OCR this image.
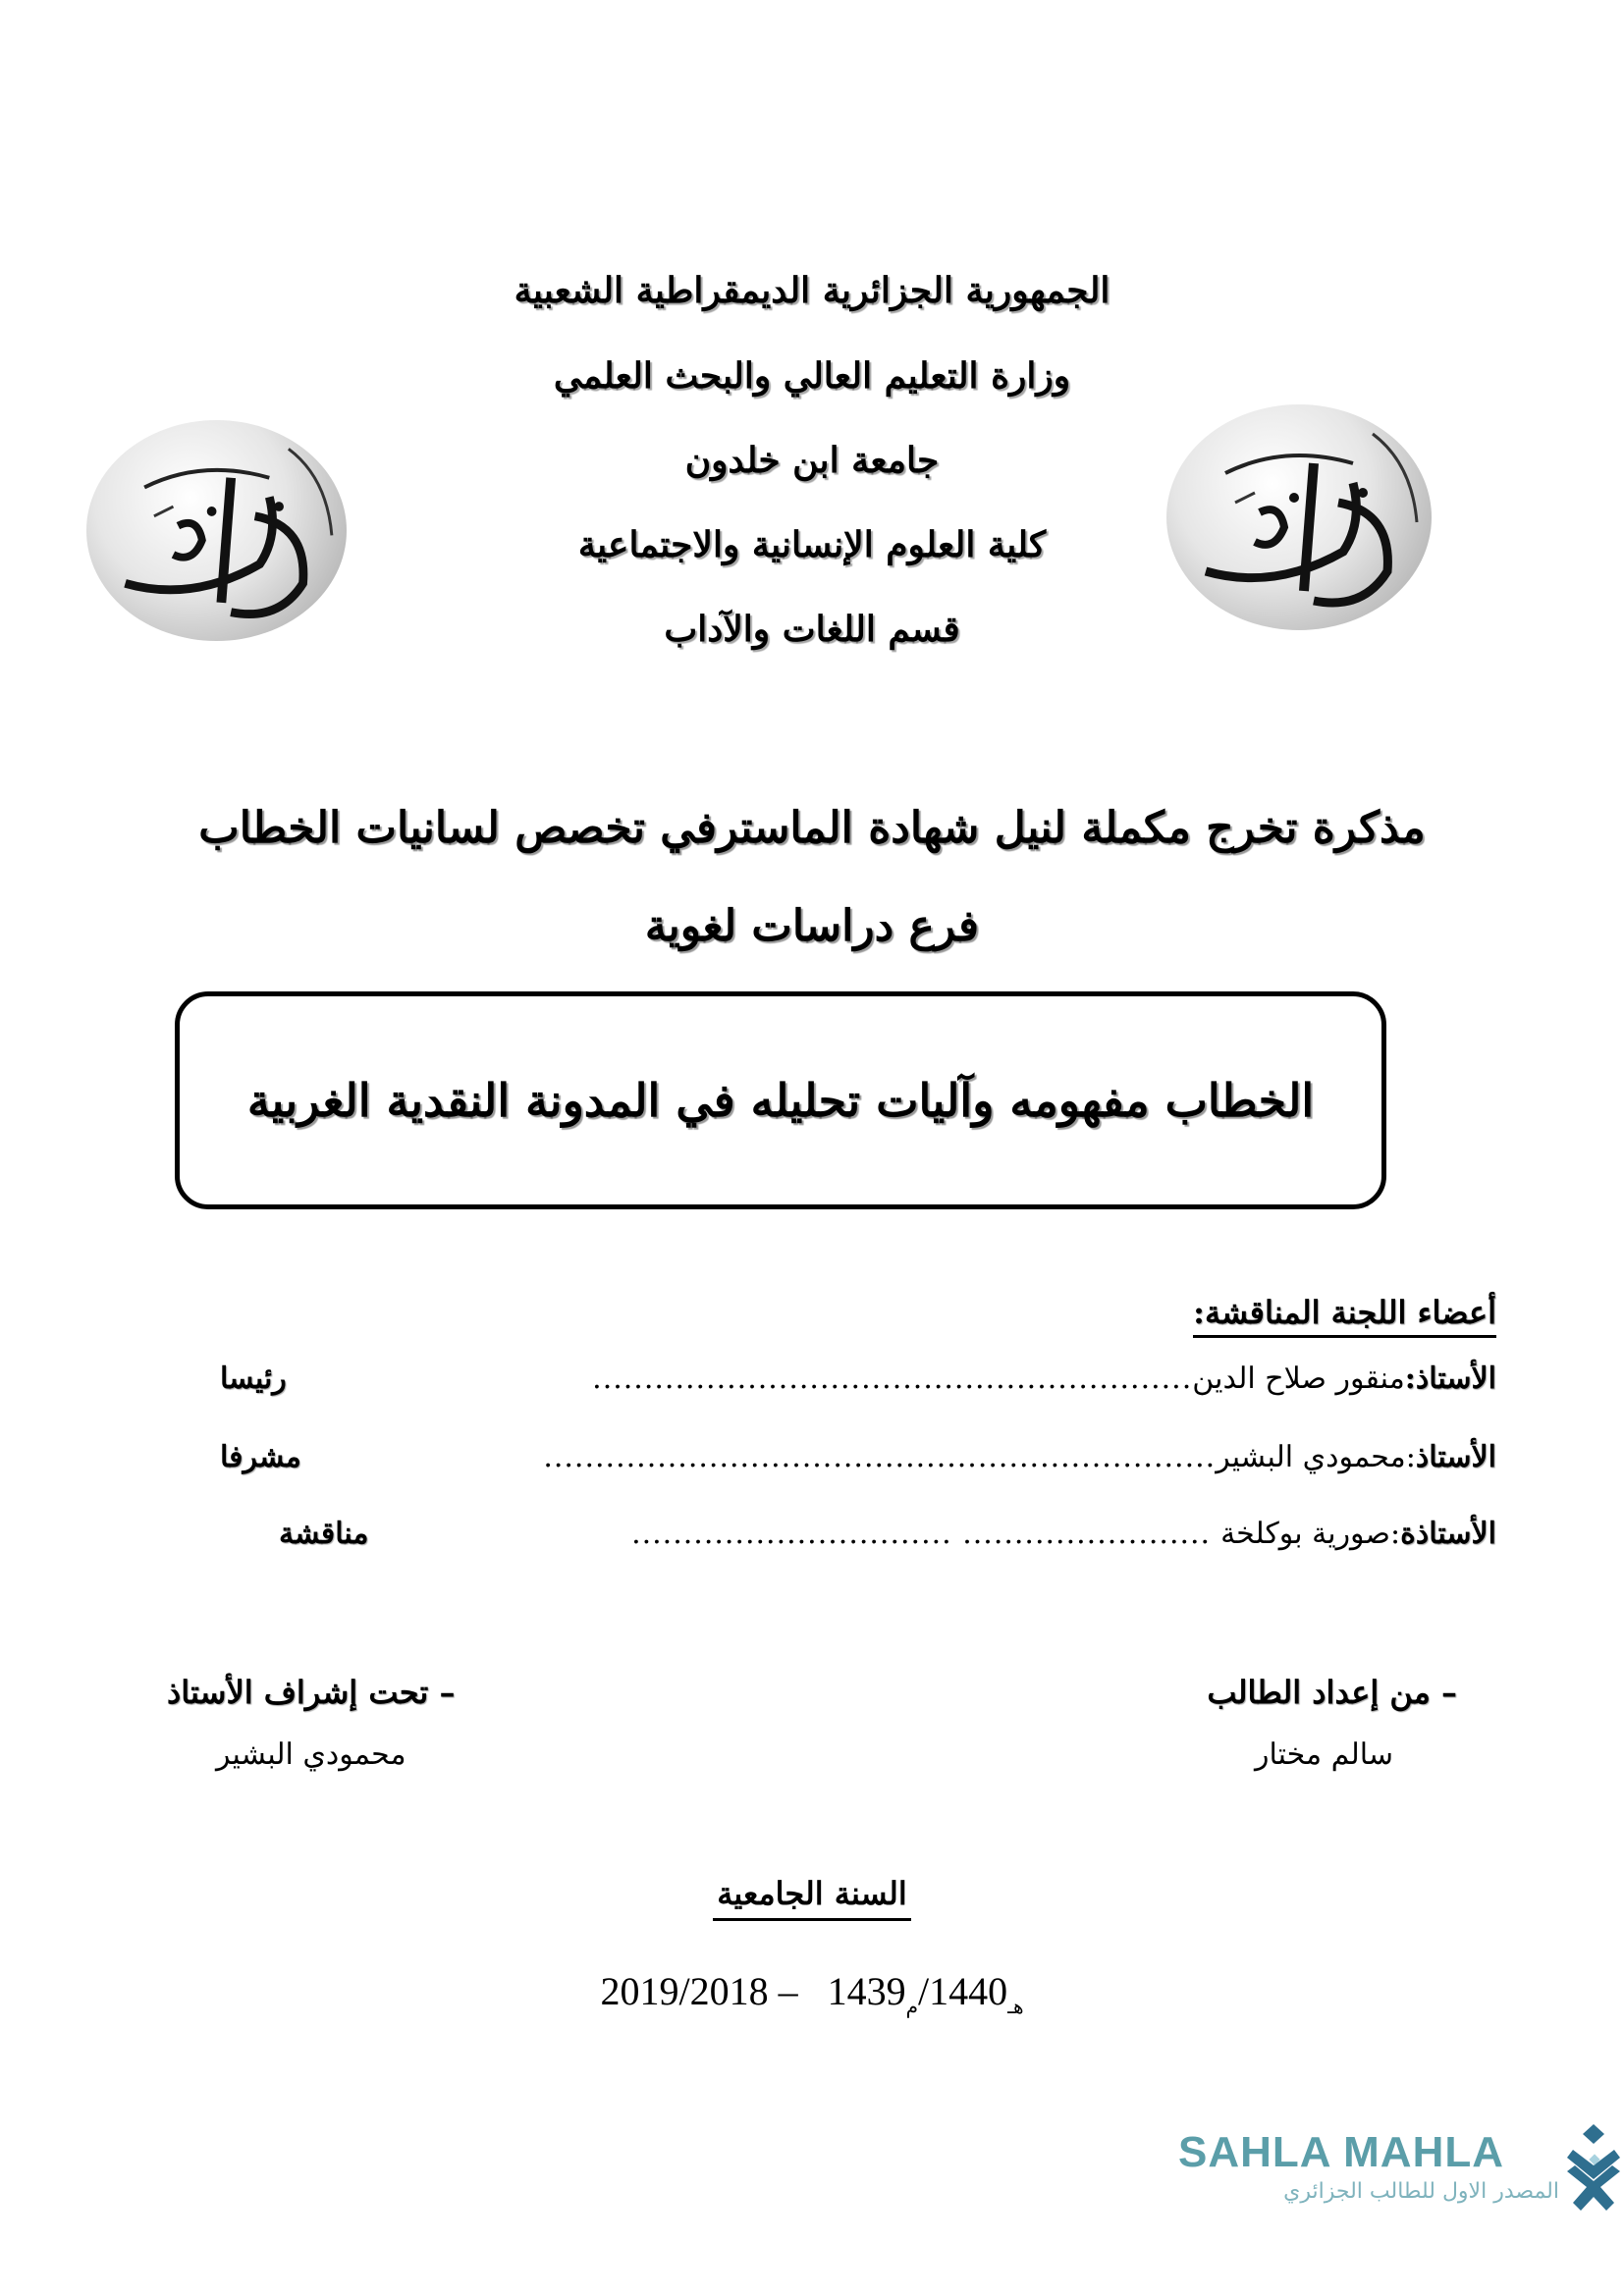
الجمهورية الجزائرية الديمقراطية الشعبية
وزارة التعليم العالي والبحث العلمي
جامعة ابن خلدون
كلية العلوم الإنسانية والاجتماعية
قسم اللغات والآداب
مذكرة تخرج مكملة لنيل شهادة الماسترفي تخصص لسانيات الخطاب
فرع دراسات لغوية
الخطاب مفهومه وآليات تحليله في المدونة النقدية الغربية
أعضاء اللجنة المناقشة:
الأستاذ:
منقور صلاح الدين
..........................................................
رئيسا
الأستاذ
:محمودي البشير
.................................................................
مشرفا
الأستاذة
:صورية بوكلخة
........................ ...............................
مناقشة
– من إعداد الطالب
سالم مختار
– تحت إشراف الأستاذ
محمودي البشير
السنة الجامعية
$_{هـ}1440/_م1439 - 2019/2018$
SAHLA MAHLA
المصدر الاول للطالب الجزائري
